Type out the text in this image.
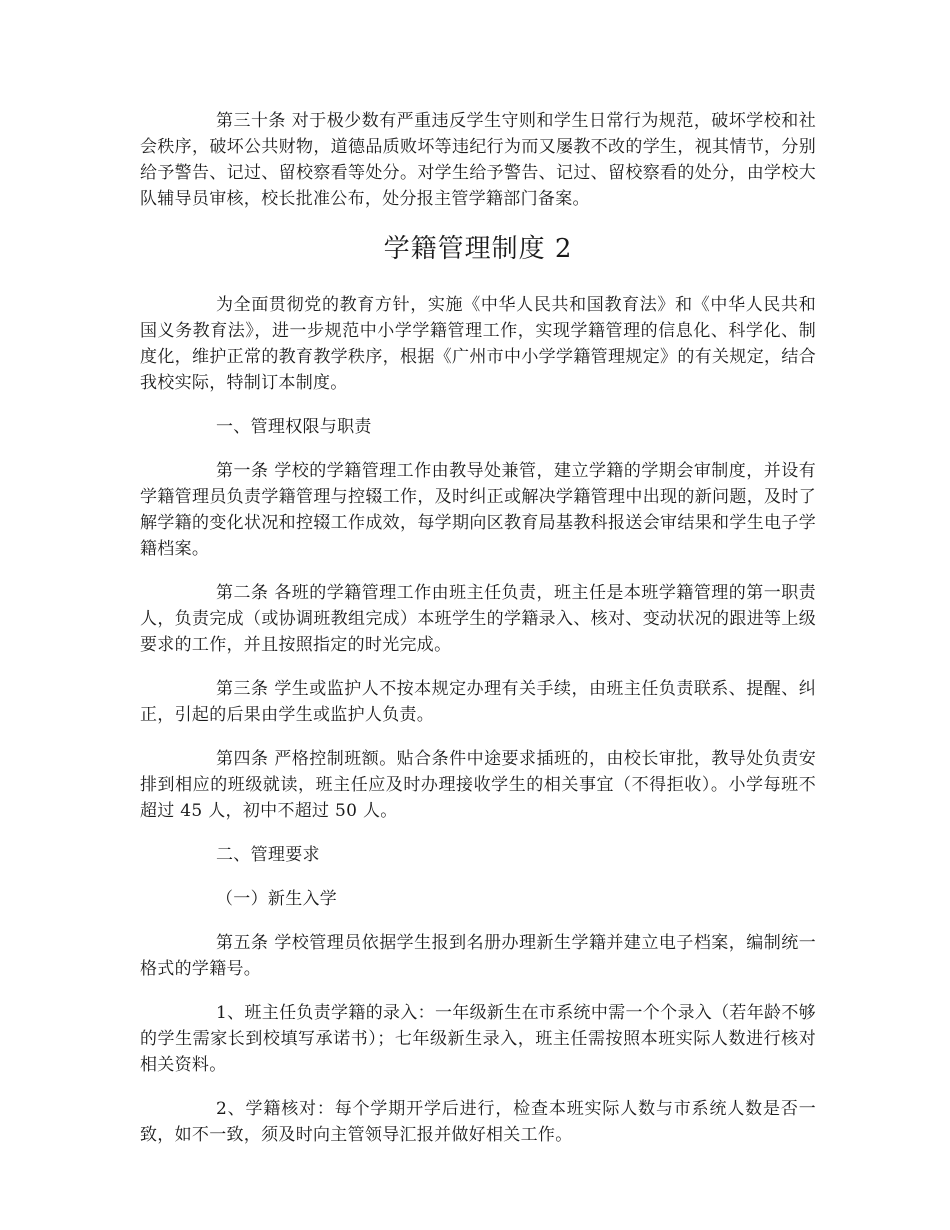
第三十条 对于极少数有严重违反学生守则和学生日常行为规范，破坏学校和社会秩序，破坏公共财物，道德品质败坏等违纪行为而又屡教不改的学生，视其情节，分别给予警告、记过、留校察看等处分。对学生给予警告、记过、留校察看的处分，由学校大队辅导员审核，校长批准公布，处分报主管学籍部门备案。

学籍管理制度 2

为全面贯彻党的教育方针，实施《中华人民共和国教育法》和《中华人民共和国义务教育法》，进一步规范中小学学籍管理工作，实现学籍管理的信息化、科学化、制度化，维护正常的教育教学秩序，根据《广州市中小学学籍管理规定》的有关规定，结合我校实际，特制订本制度。

一、管理权限与职责

第一条 学校的学籍管理工作由教导处兼管，建立学籍的学期会审制度，并设有学籍管理员负责学籍管理与控辍工作，及时纠正或解决学籍管理中出现的新问题，及时了解学籍的变化状况和控辍工作成效，每学期向区教育局基教科报送会审结果和学生电子学籍档案。

第二条 各班的学籍管理工作由班主任负责，班主任是本班学籍管理的第一职责人，负责完成（或协调班教组完成）本班学生的学籍录入、核对、变动状况的跟进等上级要求的工作，并且按照指定的时光完成。

第三条 学生或监护人不按本规定办理有关手续，由班主任负责联系、提醒、纠正，引起的后果由学生或监护人负责。

第四条 严格控制班额。贴合条件中途要求插班的，由校长审批，教导处负责安排到相应的班级就读，班主任应及时办理接收学生的相关事宜（不得拒收）。小学每班不超过 45 人，初中不超过 50 人。

二、管理要求

（一）新生入学

第五条 学校管理员依据学生报到名册办理新生学籍并建立电子档案，编制统一格式的学籍号。

1、班主任负责学籍的录入：一年级新生在市系统中需一个个录入（若年龄不够的学生需家长到校填写承诺书）；七年级新生录入，班主任需按照本班实际人数进行核对相关资料。

2、学籍核对：每个学期开学后进行，检查本班实际人数与市系统人数是否一致，如不一致，须及时向主管领导汇报并做好相关工作。
